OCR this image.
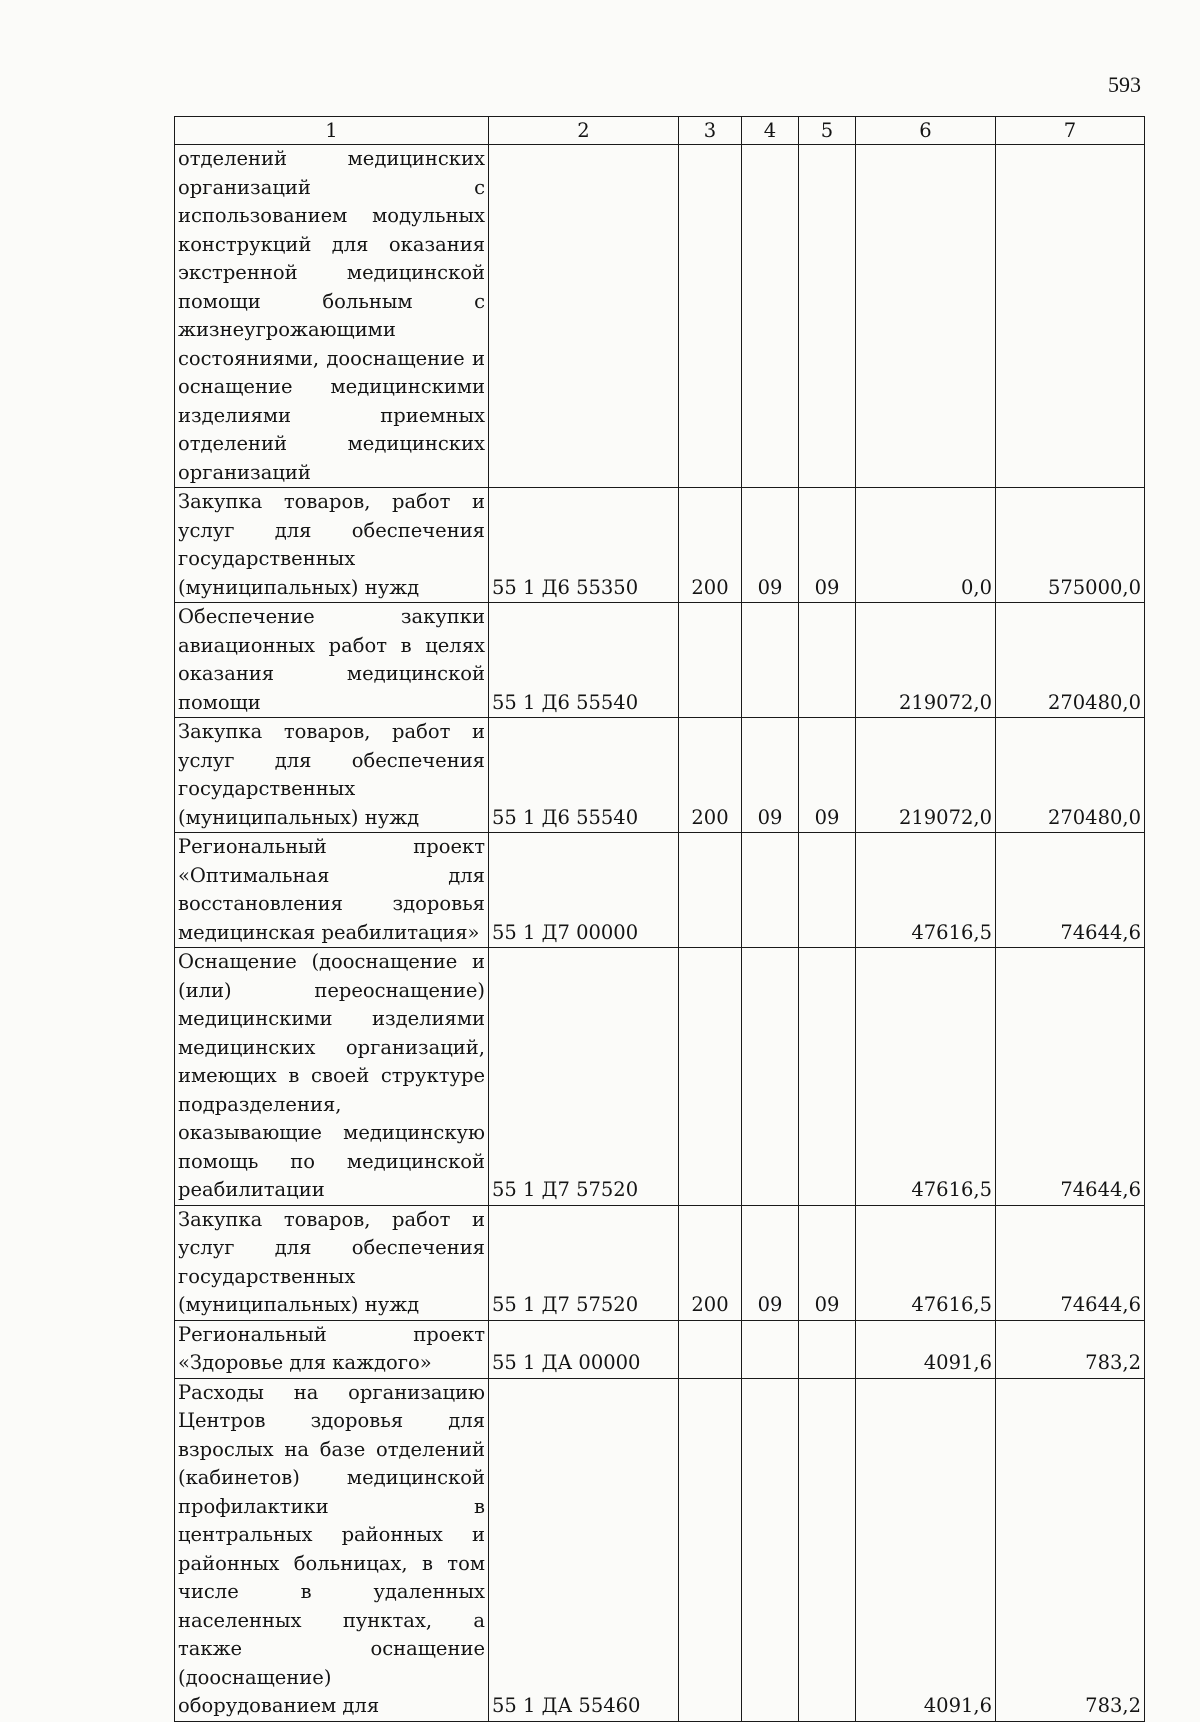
593
1	2	3	4	5	6	7
отделений медицинских организаций с использованием модульных конструкций для оказания экстренной медицинской помощи больным с жизнеугрожающими состояниями, дооснащение и оснащение медицинскими изделиями приемных отделений медицинских организаций						
Закупка товаров, работ и услуг для обеспечения государственных (муниципальных) нужд	55 1 Д6 55350	200	09	09	0,0	575000,0
Обеспечение закупки авиационных работ в целях оказания медицинской помощи	55 1 Д6 55540				219072,0	270480,0
Закупка товаров, работ и услуг для обеспечения государственных (муниципальных) нужд	55 1 Д6 55540	200	09	09	219072,0	270480,0
Региональный проект «Оптимальная для восстановления здоровья медицинская реабилитация»	55 1 Д7 00000				47616,5	74644,6
Оснащение (дооснащение и (или) переоснащение) медицинскими изделиями медицинских организаций, имеющих в своей структуре подразделения, оказывающие медицинскую помощь по медицинской реабилитации	55 1 Д7 57520				47616,5	74644,6
Закупка товаров, работ и услуг для обеспечения государственных (муниципальных) нужд	55 1 Д7 57520	200	09	09	47616,5	74644,6
Региональный проект «Здоровье для каждого»	55 1 ДА 00000				4091,6	783,2
Расходы на организацию Центров здоровья для взрослых на базе отделений (кабинетов) медицинской профилактики в центральных районных и районных больницах, в том числе в удаленных населенных пунктах, а также оснащение (дооснащение) оборудованием для	55 1 ДА 55460				4091,6	783,2
